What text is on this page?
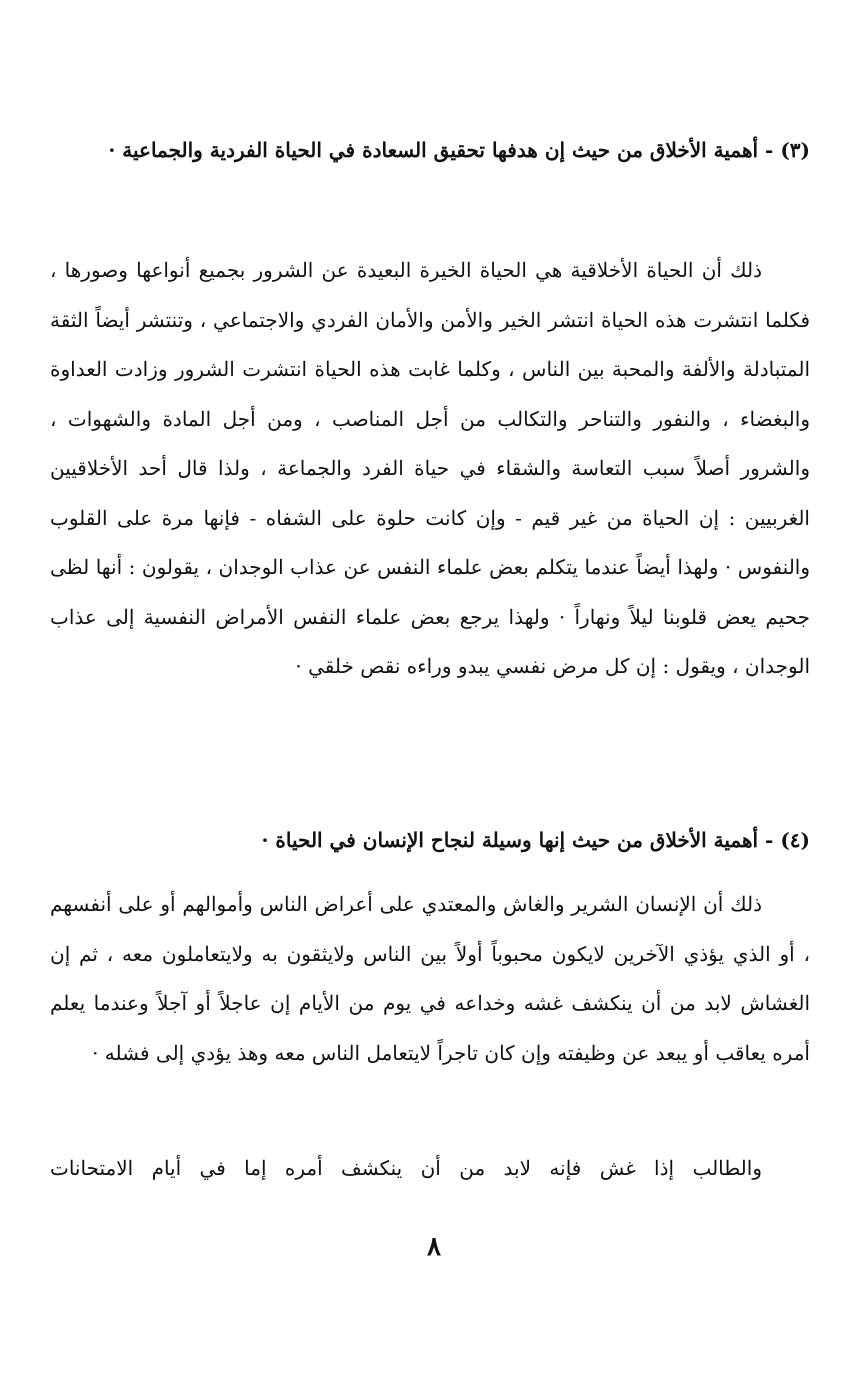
(٣) - أهمية الأخلاق من حيث إن هدفها تحقيق السعادة في الحياة الفردية والجماعية ·
ذلك أن الحياة الأخلاقية هي الحياة الخيرة البعيدة عن الشرور بجميع أنواعها وصورها ، فكلما انتشرت هذه الحياة انتشر الخير والأمن والأمان الفردي والاجتماعي ، وتنتشر أيضاً الثقة المتبادلة والألفة والمحبة بين الناس ، وكلما غابت هذه الحياة انتشرت الشرور وزادت العداوة والبغضاء ، والنفور والتناحر والتكالب من أجل المناصب ، ومن أجل المادة والشهوات ، والشرور أصلاً سبب التعاسة والشقاء في حياة الفرد والجماعة ، ولذا قال أحد الأخلاقيين الغربيين : إن الحياة من غير قيم - وإن كانت حلوة على الشفاه - فإنها مرة على القلوب والنفوس · ولهذا أيضاً عندما يتكلم بعض علماء النفس عن عذاب الوجدان ، يقولون : أنها لظى جحيم يعض قلوبنا ليلاً ونهاراً · ولهذا يرجع بعض علماء النفس الأمراض النفسية إلى عذاب الوجدان ، ويقول : إن كل مرض نفسي يبدو وراءه نقص خلقي ·
(٤) - أهمية الأخلاق من حيث إنها وسيلة لنجاح الإنسان في الحياة ·
ذلك أن الإنسان الشرير والغاش والمعتدي على أعراض الناس وأموالهم أو على أنفسهم ، أو الذي يؤذي الآخرين لايكون محبوباً أولاً بين الناس ولايثقون به ولايتعاملون معه ، ثم إن الغشاش لابد من أن ينكشف غشه وخداعه في يوم من الأيام إن عاجلاً أو آجلاً وعندما يعلم أمره يعاقب أو يبعد عن وظيفته وإن كان تاجراً لايتعامل الناس معه وهذ يؤدي إلى فشله ·
والطالب إذا غش فإنه لابد من أن ينكشف أمره إما في أيام الامتحانات
٨
